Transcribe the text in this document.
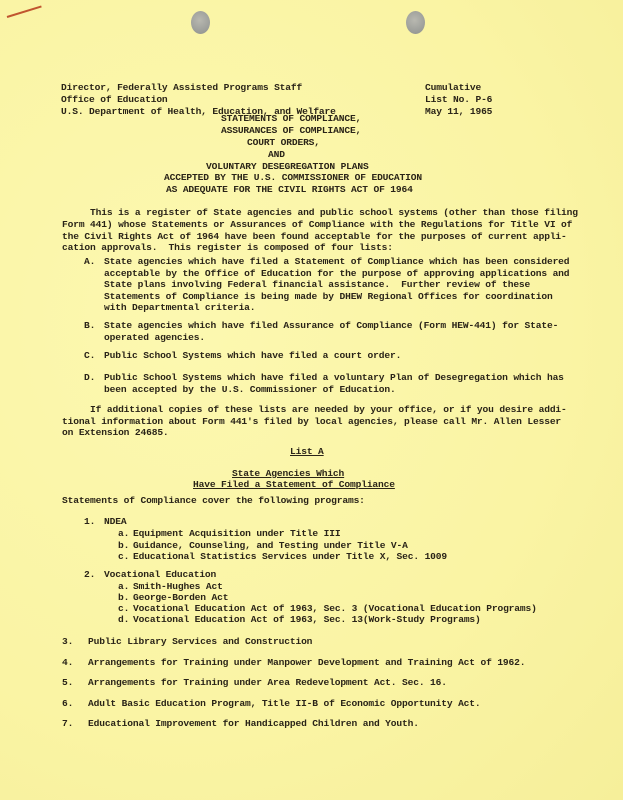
Director, Federally Assisted Programs Staff
Office of Education
U.S. Department of Health, Education, and Welfare
Cumulative
List No. P-6
May 11, 1965
STATEMENTS OF COMPLIANCE,
ASSURANCES OF COMPLIANCE,
COURT ORDERS,
AND
VOLUNTARY DESEGREGATION PLANS
ACCEPTED BY THE U.S. COMMISSIONER OF EDUCATION
AS ADEQUATE FOR THE CIVIL RIGHTS ACT OF 1964
This is a register of State agencies and public school systems (other than those filing
Form 441) whose Statements or Assurances of Compliance with the Regulations for Title VI of
the Civil Rights Act of 1964 have been found acceptable for the purposes of current appli-
cation approvals.  This register is composed of four lists:
A. State agencies which have filed a Statement of Compliance which has been considered
acceptable by the Office of Education for the purpose of approving applications and
State plans involving Federal financial assistance.  Further review of these
Statements of Compliance is being made by DHEW Regional Offices for coordination
with Departmental criteria.
B. State agencies which have filed Assurance of Compliance (Form HEW-441) for State-
operated agencies.
C. Public School Systems which have filed a court order.
D. Public School Systems which have filed a voluntary Plan of Desegregation which has
been accepted by the U.S. Commissioner of Education.
If additional copies of these lists are needed by your office, or if you desire addi-
tional information about Form 441's filed by local agencies, please call Mr. Allen Lesser
on Extension 24685.
List A
State Agencies Which
Have Filed a Statement of Compliance
Statements of Compliance cover the following programs:
1. NDEA
a. Equipment Acquisition under Title III
b. Guidance, Counseling, and Testing under Title V-A
c. Educational Statistics Services under Title X, Sec. 1009
2. Vocational Education
a. Smith-Hughes Act
b. George-Borden Act
c. Vocational Education Act of 1963, Sec. 3 (Vocational Education Programs)
d. Vocational Education Act of 1963, Sec. 13(Work-Study Programs)
3. Public Library Services and Construction
4. Arrangements for Training under Manpower Development and Training Act of 1962.
5. Arrangements for Training under Area Redevelopment Act. Sec. 16.
6. Adult Basic Education Program, Title II-B of Economic Opportunity Act.
7. Educational Improvement for Handicapped Children and Youth.
